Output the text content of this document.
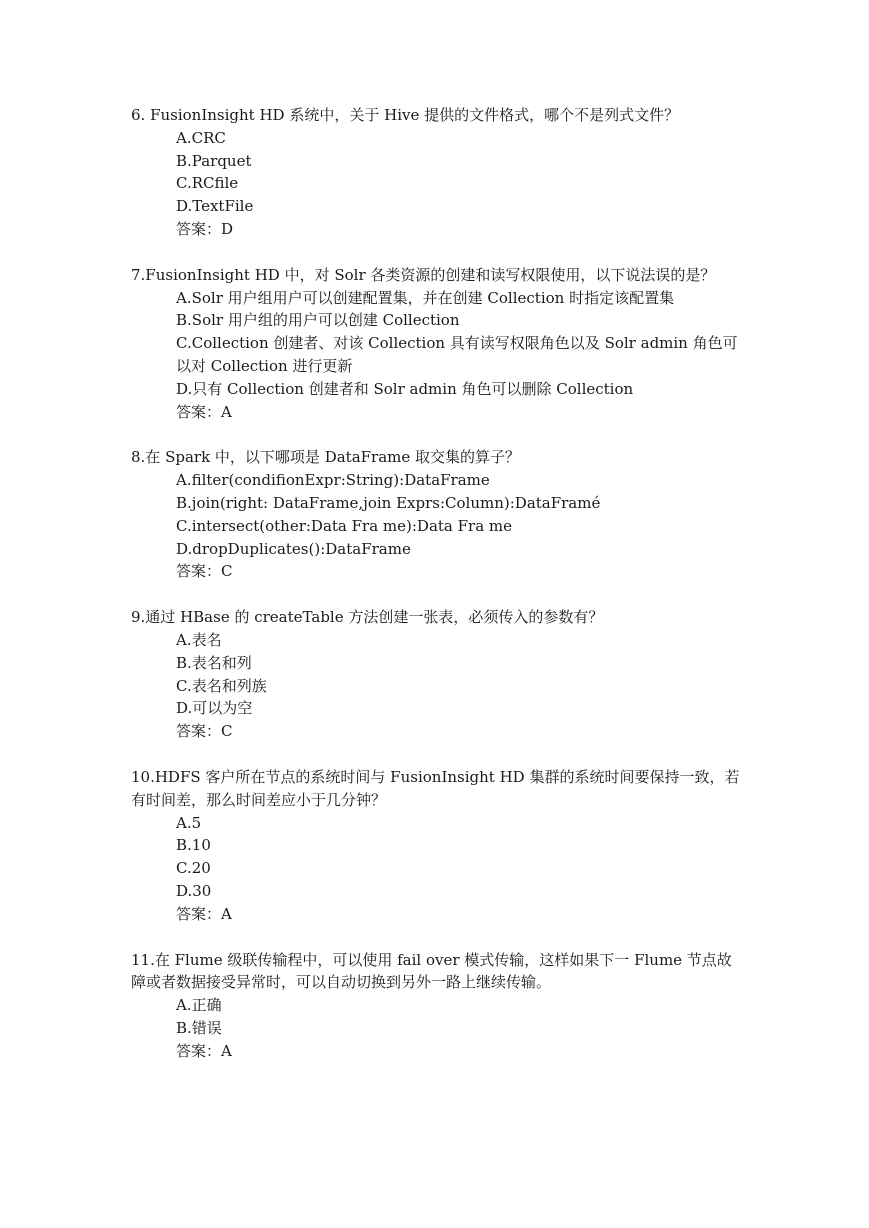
6. FusionInsight HD 系统中，关于 Hive 提供的文件格式，哪个不是列式文件？

A.CRC
B.Parquet
C.RCfile
D.TextFile

答案：D

7.FusionInsight HD 中，对 Solr 各类资源的创建和读写权限使用，以下说法误的是？

A.Solr 用户组用户可以创建配置集，并在创建 Collection 时指定该配置集
B.Solr 用户组的用户可以创建 Collection
C.Collection 创建者、对该 Collection 具有读写权限角色以及 Solr admin 角色可以对 Collection 进行更新
D.只有 Collection 创建者和 Solr admin 角色可以删除 Collection

答案：A

8.在 Spark 中，以下哪项是 DataFrame 取交集的算子？

A.filter(condifionExpr:String):DataFrame
B.join(right: DataFrame,join Exprs:Column):DataFramé
C.intersect(other:Data Fra me):Data Fra me
D.dropDuplicates():DataFrame

答案：C

9.通过 HBase 的 createTable 方法创建一张表，必须传入的参数有？

A.表名
B.表名和列
C.表名和列族
D.可以为空

答案：C

10.HDFS 客户所在节点的系统时间与 FusionInsight HD 集群的系统时间要保持一致，若有时间差，那么时间差应小于几分钟？

A.5
B.10
C.20
D.30

答案：A

11.在 Flume 级联传输程中，可以使用 fail over 模式传输，这样如果下一 Flume 节点故障或者数据接受异常时，可以自动切换到另外一路上继续传输。

A.正确
B.错误

答案：A
